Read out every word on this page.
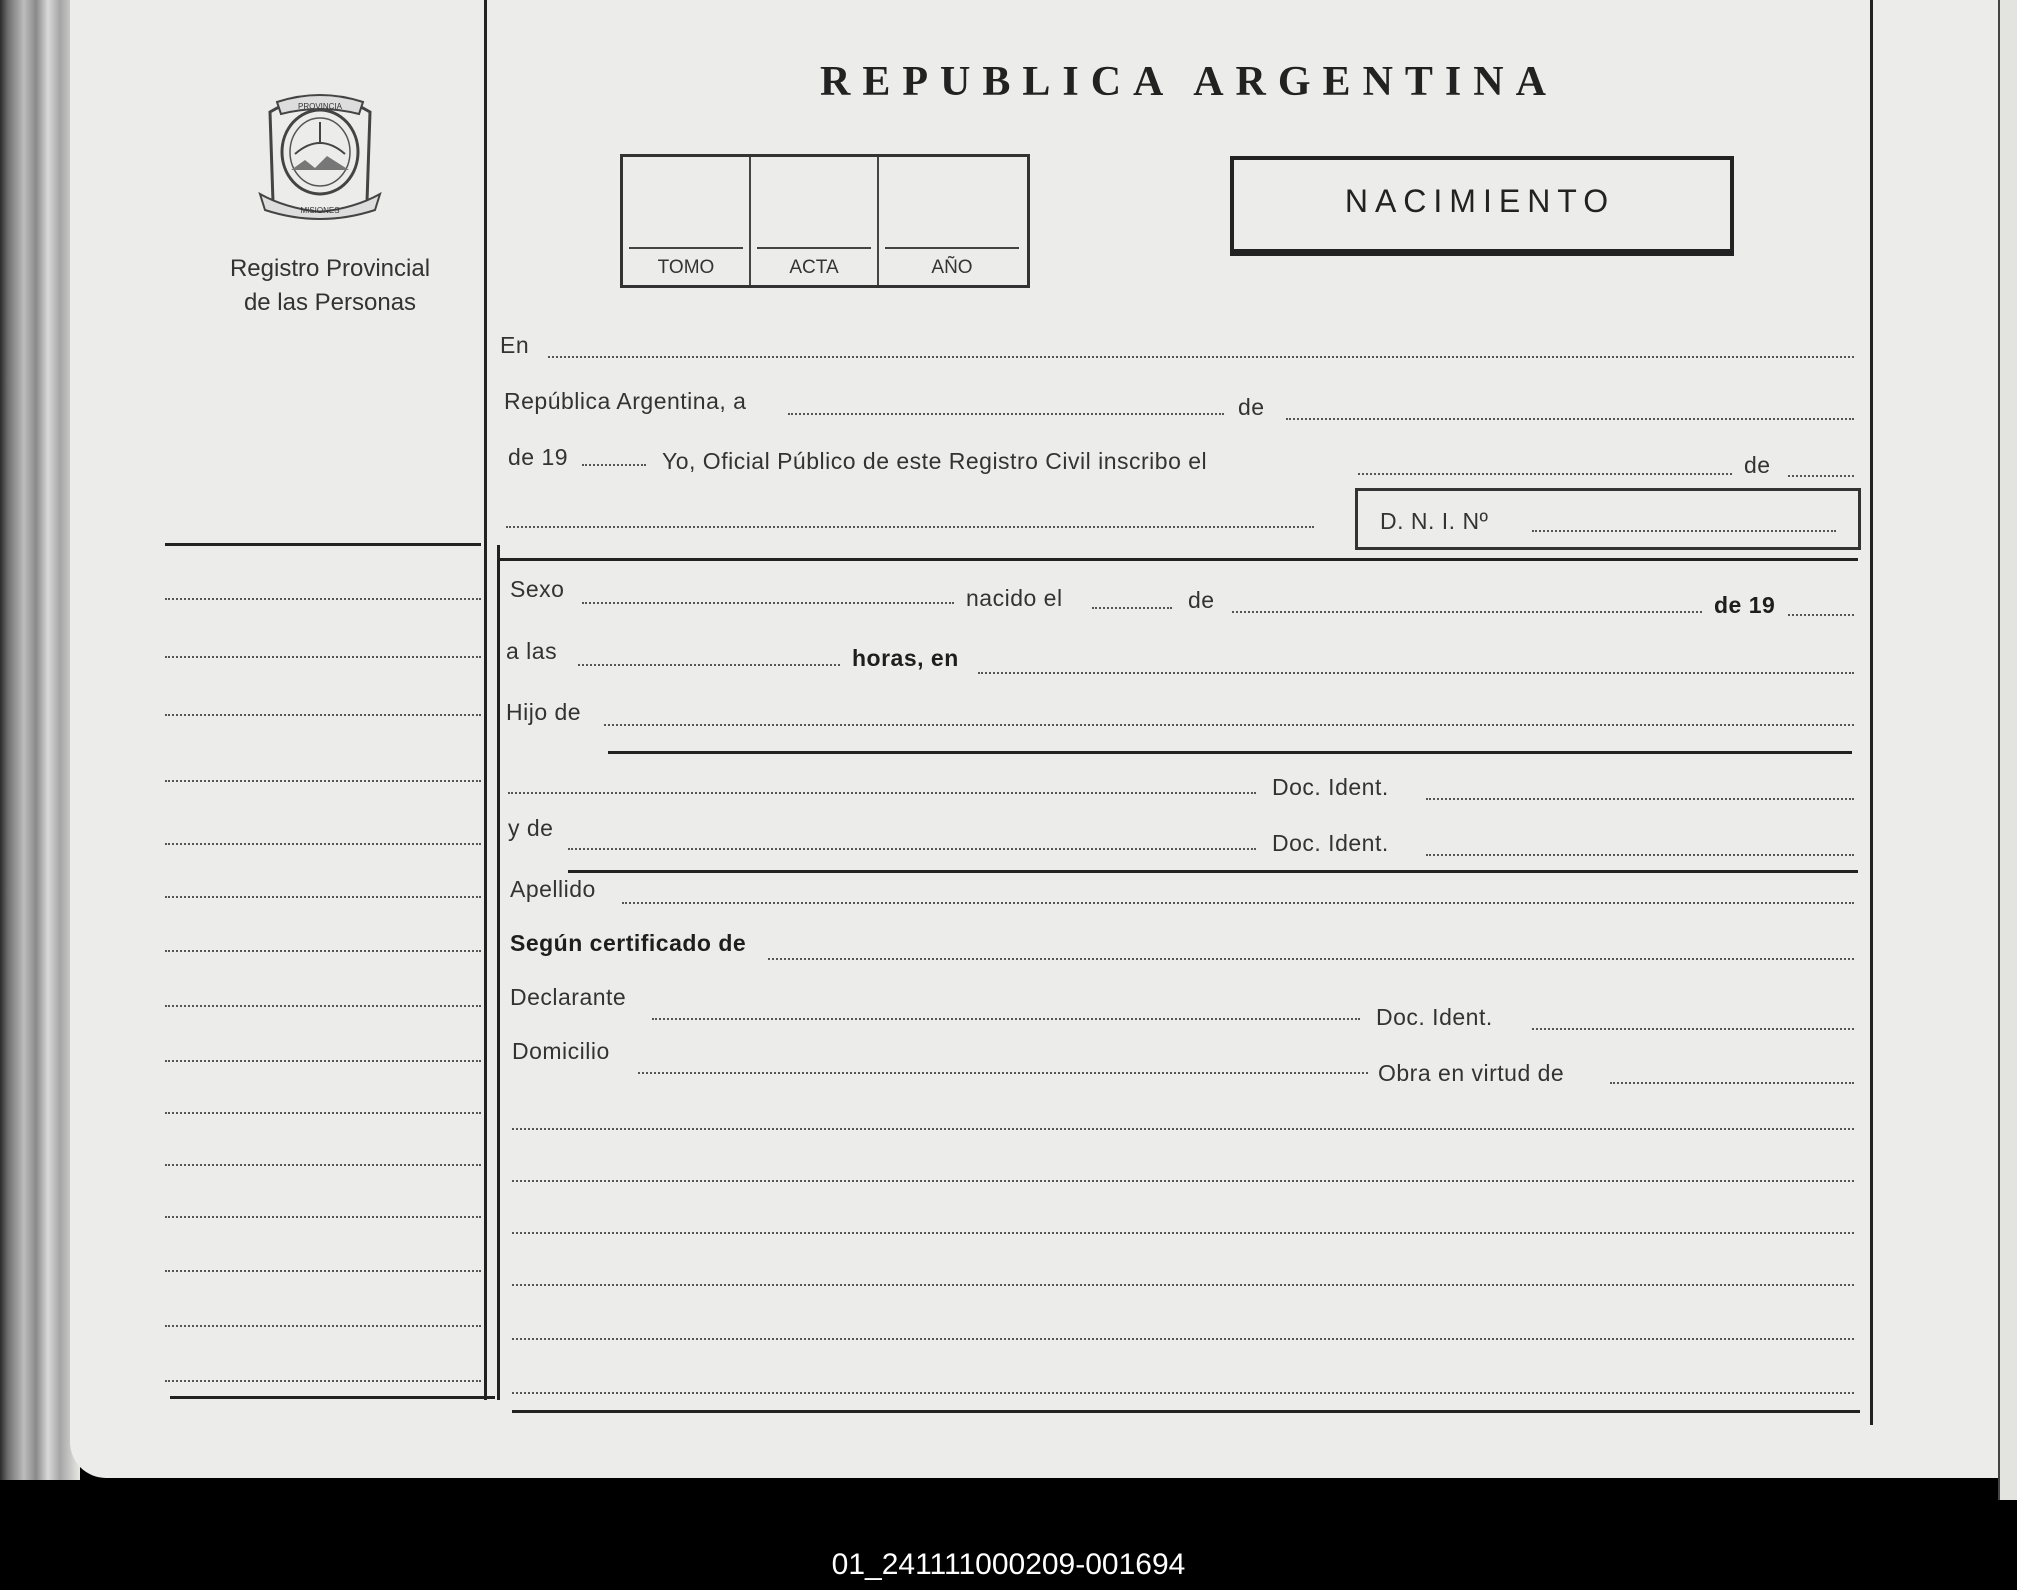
PROVINCIA
MISIONES
Registro Provincial
de las Personas
REPUBLICA ARGENTINA
TOMO	ACTA	AÑO
NACIMIENTO
En
República Argentina, a	de
de 19	Yo, Oficial Público de este Registro Civil inscribo el	de
D. N. I. Nº
Sexo	nacido el	de	de 19
a las	horas, en
Hijo de
Doc. Ident.
y de
Doc. Ident.
Apellido
Según certificado de
Declarante
Doc. Ident.
Domicilio
Obra en virtud de
01_241111000209-001694
